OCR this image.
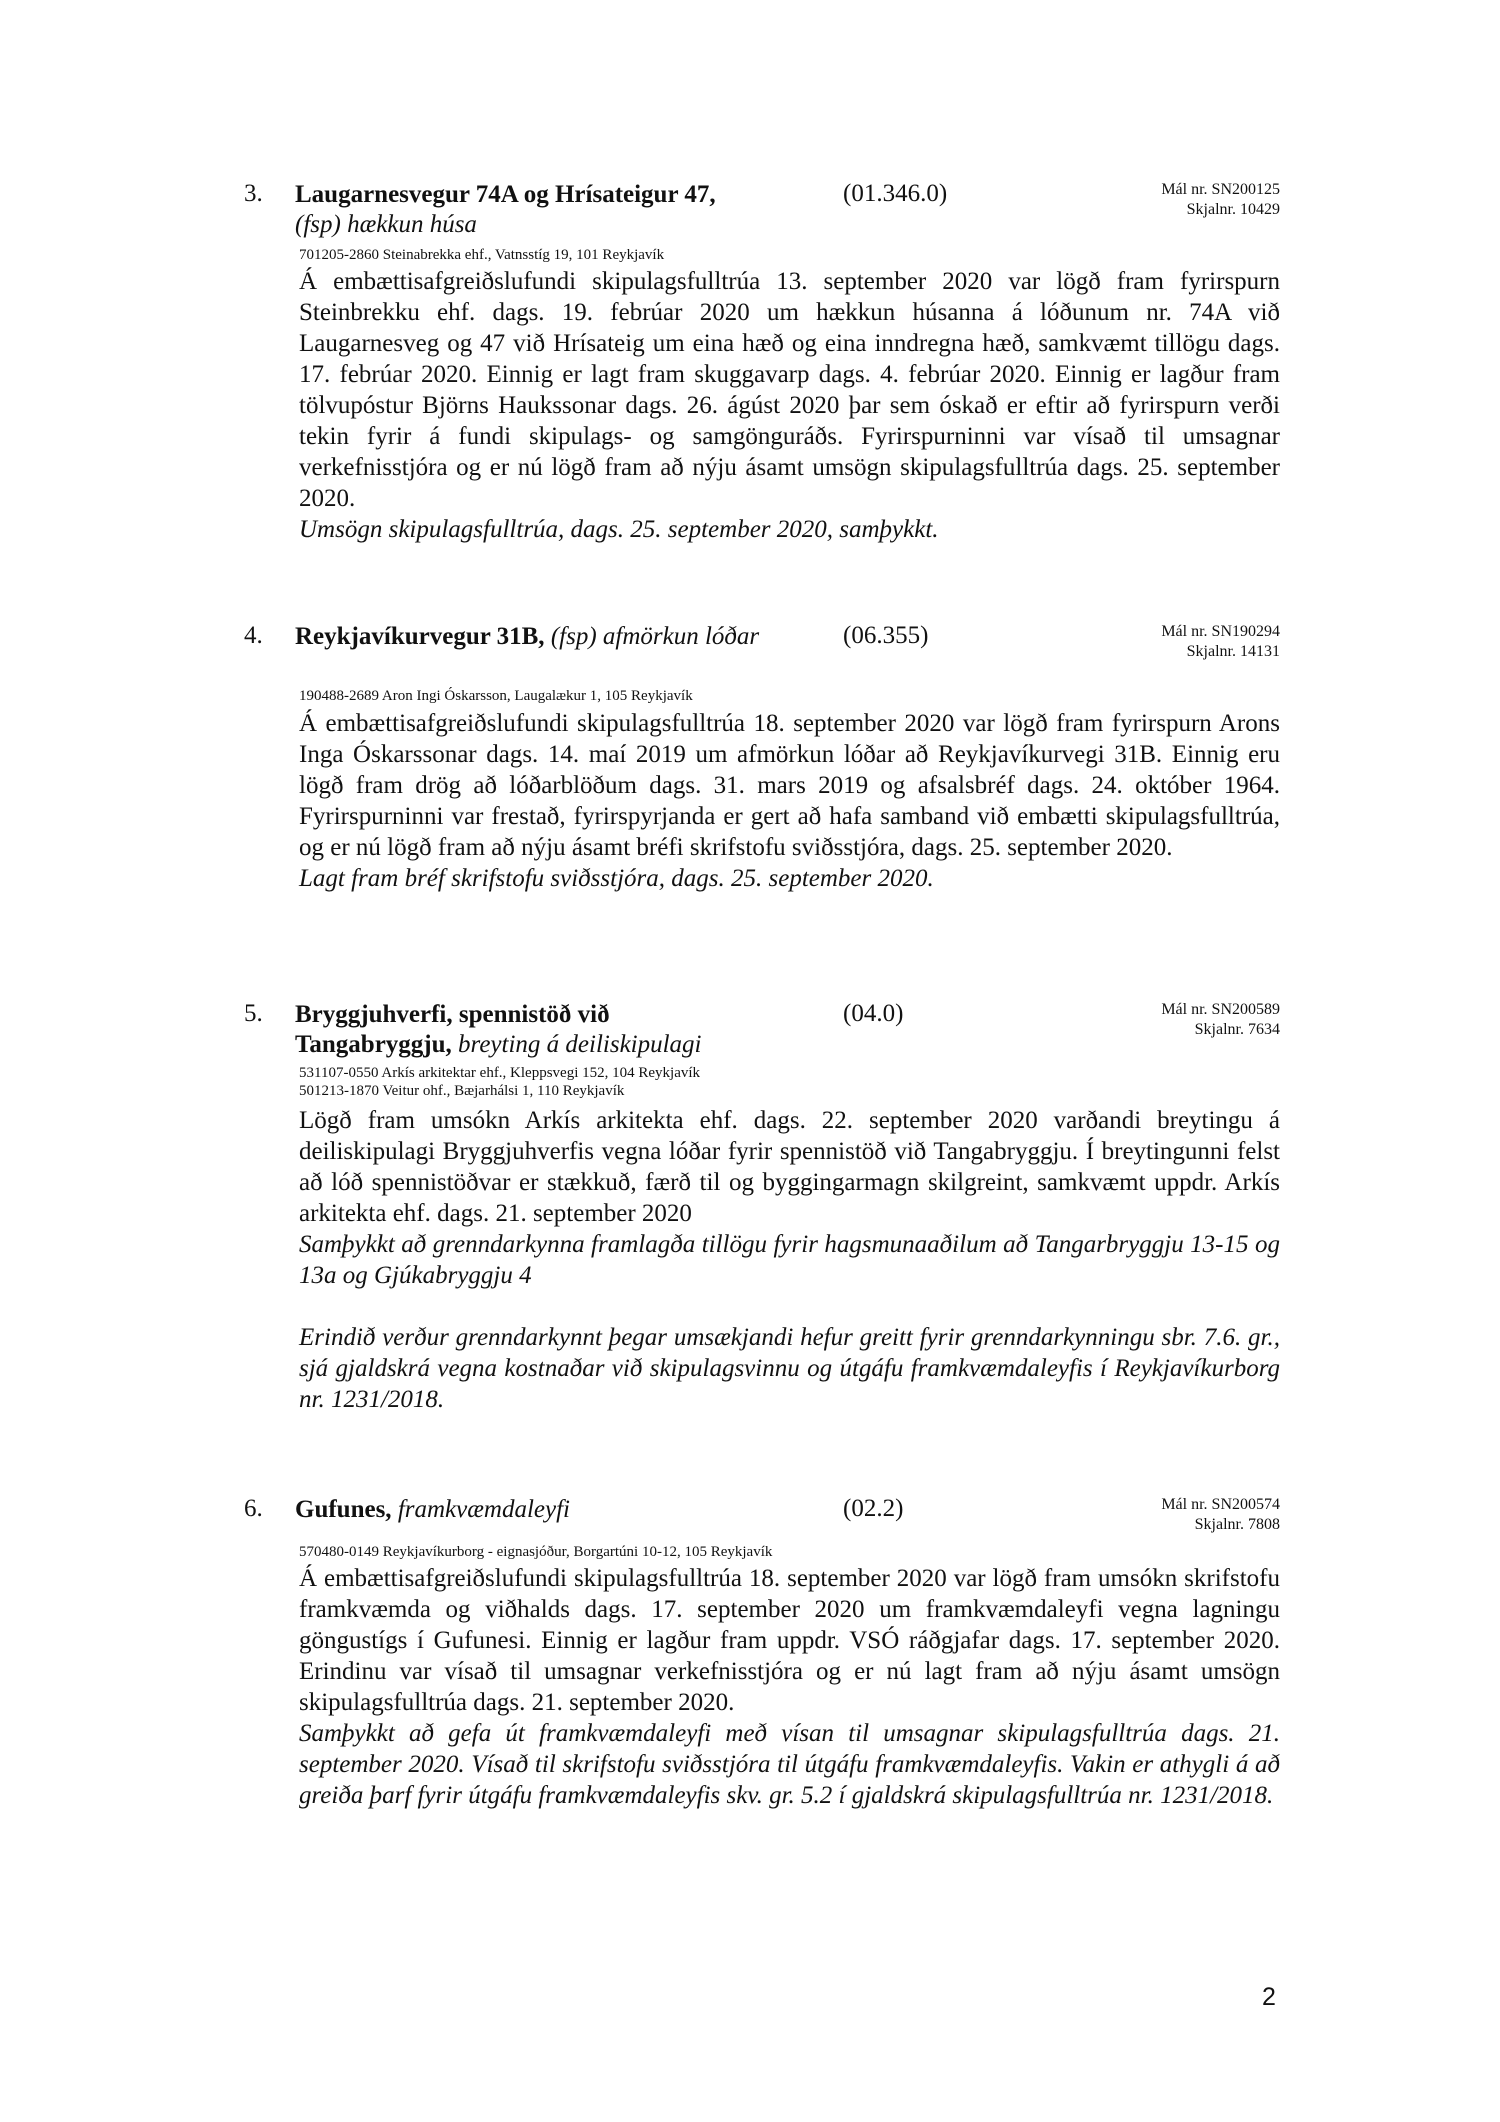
3. Laugarnesvegur 74A og Hrísateigur 47,
(fsp) hækkun húsa
(01.346.0)	Mál nr. SN200125
Skjalnr. 10429
701205-2860 Steinabrekka ehf., Vatnsstíg 19, 101 Reykjavík

Á embættisafgreiðslufundi skipulagsfulltrúa 13. september 2020 var lögð fram fyrirspurn Steinbrekku ehf. dags. 19. febrúar 2020 um hækkun húsanna á lóðunum nr. 74A við Laugarnesveg og 47 við Hrísateig um eina hæð og eina inndregna hæð, samkvæmt tillögu dags. 17. febrúar 2020. Einnig er lagt fram skuggavarp dags. 4. febrúar 2020. Einnig er lagður fram tölvupóstur Björns Haukssonar dags. 26. ágúst 2020 þar sem óskað er eftir að fyrirspurn verði tekin fyrir á fundi skipulags- og samgönguráðs. Fyrirspurninni var vísað til umsagnar verkefnisstjóra og er nú lögð fram að nýju ásamt umsögn skipulagsfulltrúa dags. 25. september 2020.

Umsögn skipulagsfulltrúa, dags. 25. september 2020, samþykkt.

4. Reykjavíkurvegur 31B, (fsp) afmörkun lóðar	(06.355)	Mál nr. SN190294
Skjalnr. 14131
190488-2689 Aron Ingi Óskarsson, Laugalækur 1, 105 Reykjavík

Á embættisafgreiðslufundi skipulagsfulltrúa 18. september 2020 var lögð fram fyrirspurn Arons Inga Óskarssonar dags. 14. maí 2019 um afmörkun lóðar að Reykjavíkurvegi 31B. Einnig eru lögð fram drög að lóðarblöðum dags. 31. mars 2019 og afsalsbréf dags. 24. október 1964. Fyrirspurninni var frestað, fyrirspyrjanda er gert að hafa samband við embætti skipulagsfulltrúa, og er nú lögð fram að nýju ásamt bréfi skrifstofu sviðsstjóra, dags. 25. september 2020.

Lagt fram bréf skrifstofu sviðsstjóra, dags. 25. september 2020.

5. Bryggjuhverfi, spennistöð við Tangabryggju, breyting á deiliskipulagi
(04.0)	Mál nr. SN200589
Skjalnr. 7634
531107-0550 Arkís arkitektar ehf., Kleppsvegi 152, 104 Reykjavík
501213-1870 Veitur ohf., Bæjarhálsi 1, 110 Reykjavík

Lögð fram umsókn Arkís arkitekta ehf. dags. 22. september 2020 varðandi breytingu á deiliskipulagi Bryggjuhverfis vegna lóðar fyrir spennistöð við Tangabryggju. Í breytingunni felst að lóð spennistöðvar er stækkuð, færð til og byggingarmagn skilgreint, samkvæmt uppdr. Arkís arkitekta ehf. dags. 21. september 2020

Samþykkt að grenndarkynna framlagða tillögu fyrir hagsmunaaðilum að Tangarbryggju 13-15 og 13a og Gjúkabryggju 4

Erindið verður grenndarkynnt þegar umsækjandi hefur greitt fyrir grenndarkynningu sbr. 7.6. gr., sjá gjaldskrá vegna kostnaðar við skipulagsvinnu og útgáfu framkvæmdaleyfis í Reykjavíkurborg nr. 1231/2018.

6. Gufunes, framkvæmdaleyfi	(02.2)	Mál nr. SN200574
Skjalnr. 7808
570480-0149 Reykjavíkurborg - eignasjóður, Borgartúni 10-12, 105 Reykjavík

Á embættisafgreiðslufundi skipulagsfulltrúa 18. september 2020 var lögð fram umsókn skrifstofu framkvæmda og viðhalds dags. 17. september 2020 um framkvæmdaleyfi vegna lagningu göngustígs í Gufunesi. Einnig er lagður fram uppdr. VSÓ ráðgjafar dags. 17. september 2020. Erindinu var vísað til umsagnar verkefnisstjóra og er nú lagt fram að nýju ásamt umsögn skipulagsfulltrúa dags. 21. september 2020.

Samþykkt að gefa út framkvæmdaleyfi með vísan til umsagnar skipulagsfulltrúa dags. 21. september 2020. Vísað til skrifstofu sviðsstjóra til útgáfu framkvæmdaleyfis. Vakin er athygli á að greiða þarf fyrir útgáfu framkvæmdaleyfis skv. gr. 5.2 í gjaldskrá skipulagsfulltrúa nr. 1231/2018.

2
